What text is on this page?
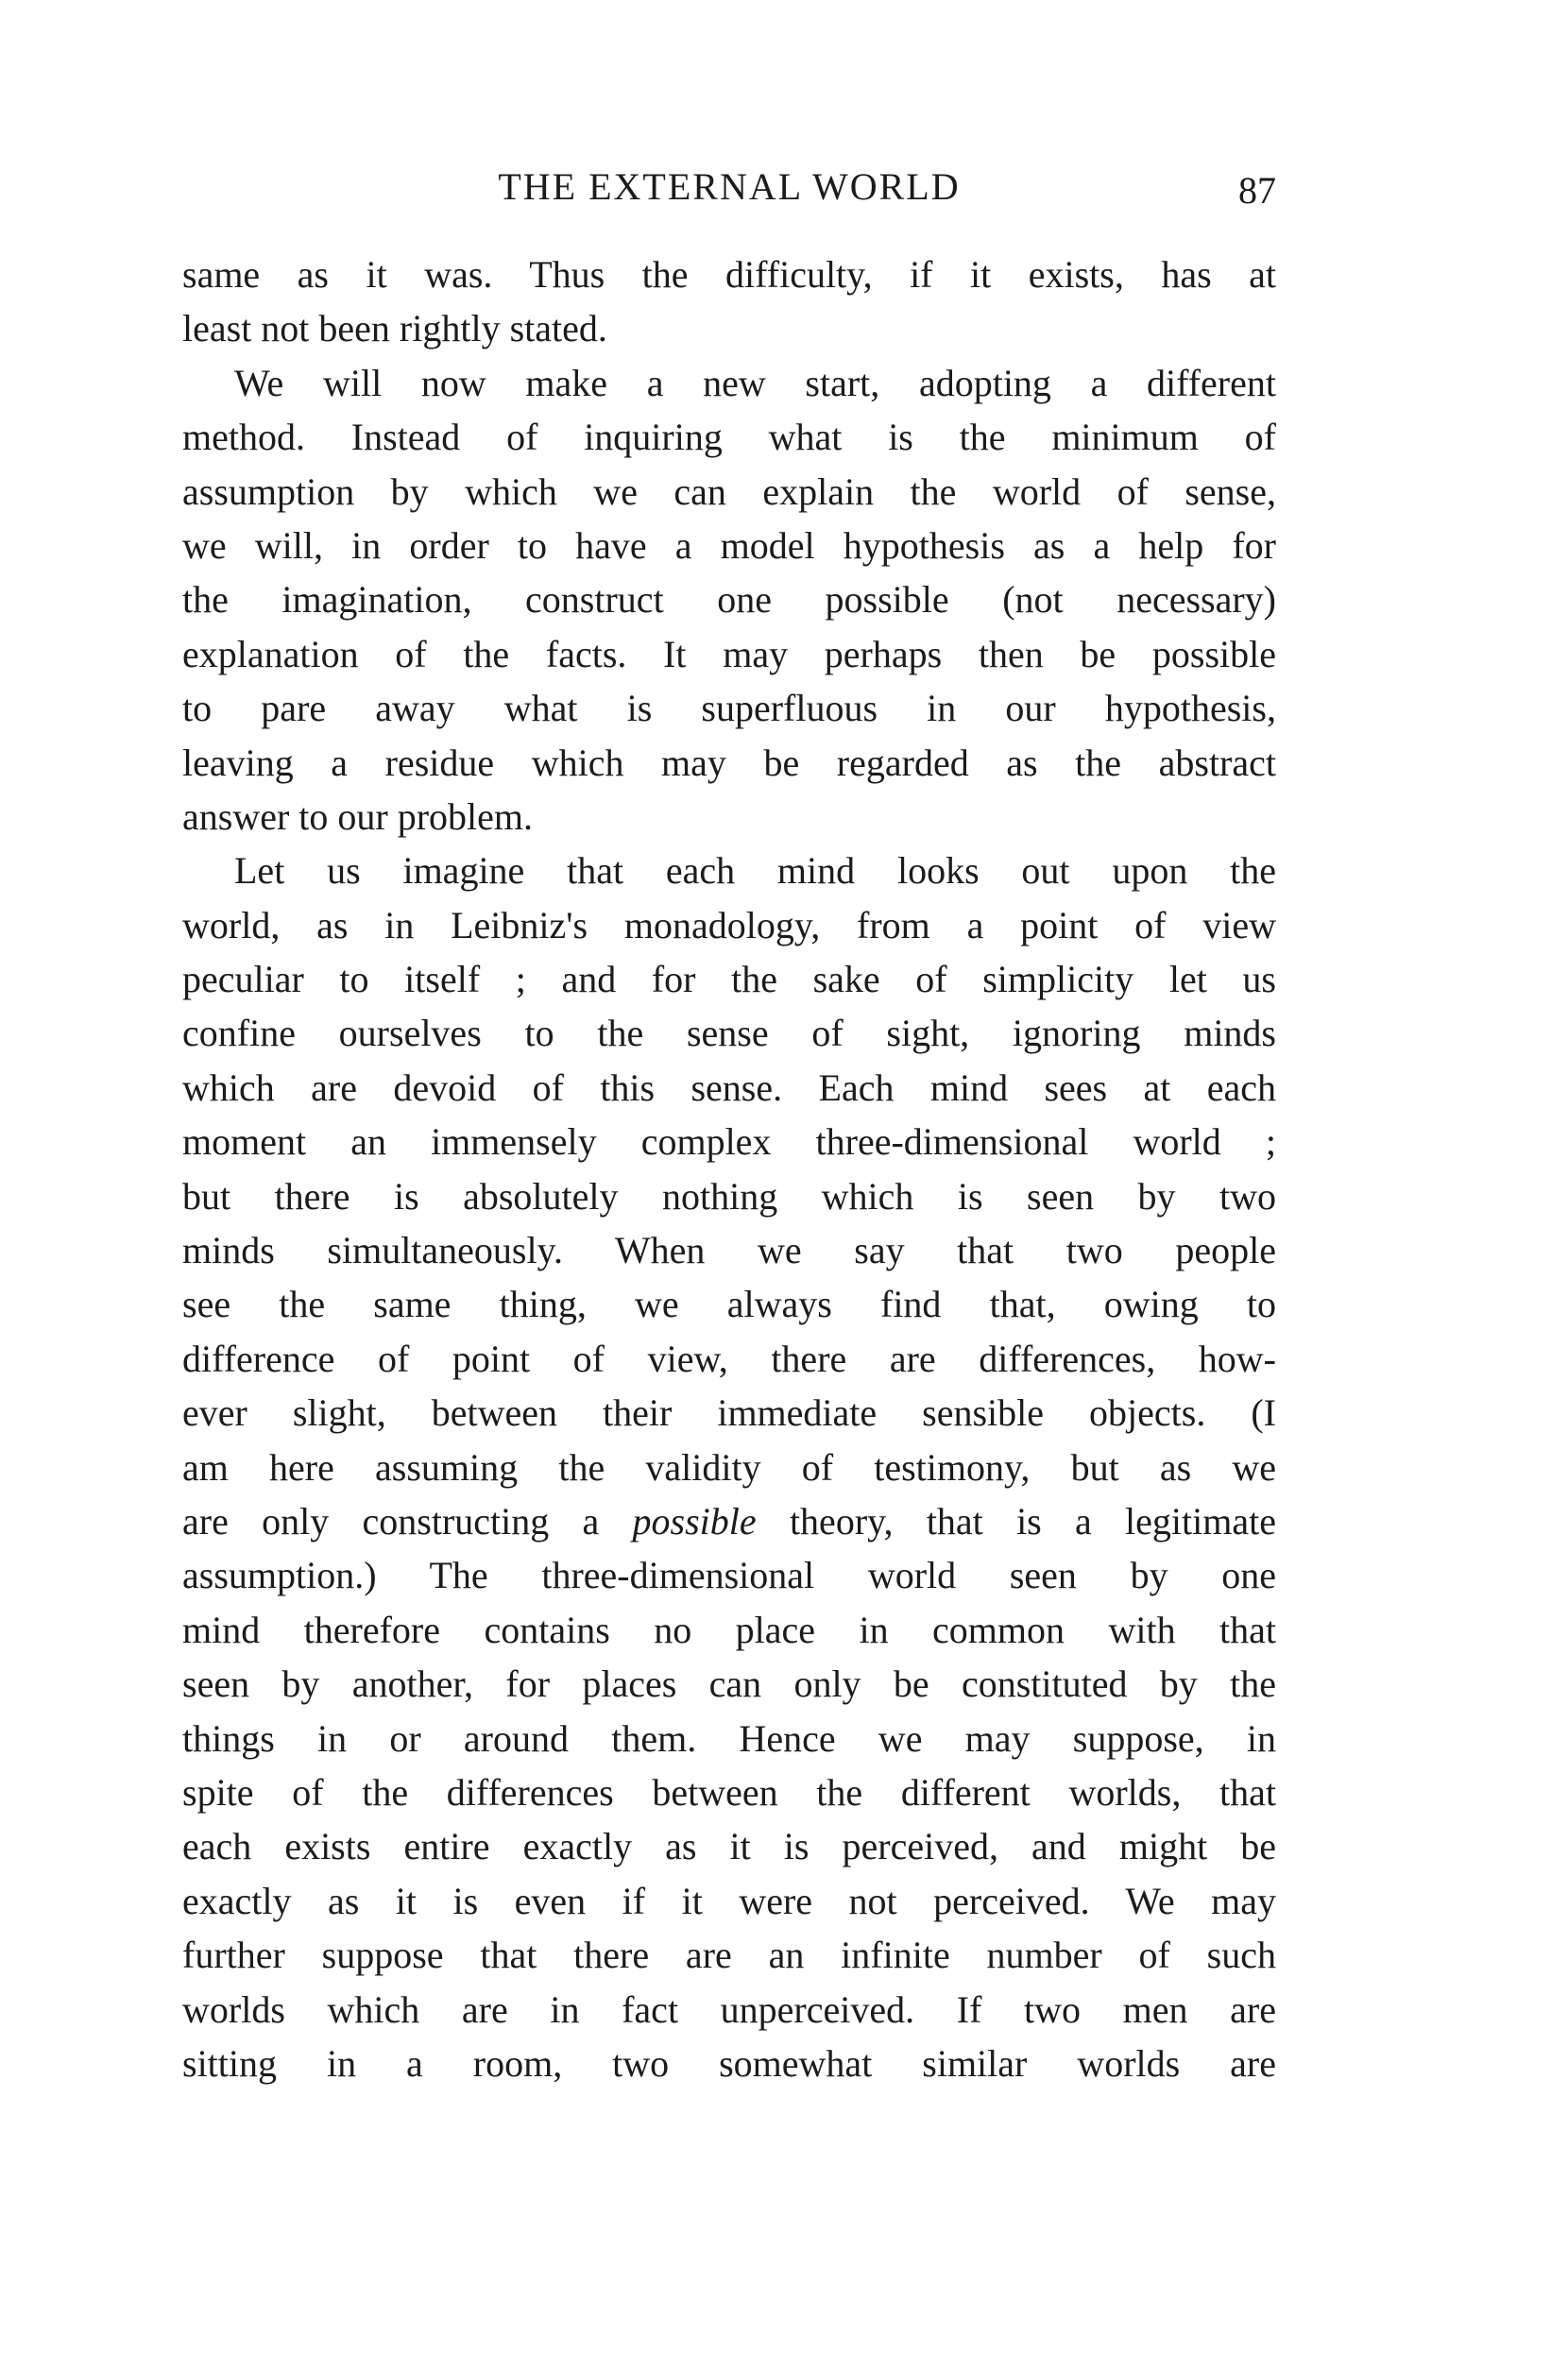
THE EXTERNAL WORLD	87
same as it was. Thus the difficulty, if it exists, has at
least not been rightly stated.
We will now make a new start, adopting a different
method. Instead of inquiring what is the minimum of
assumption by which we can explain the world of sense,
we will, in order to have a model hypothesis as a help for
the imagination, construct one possible (not necessary)
explanation of the facts. It may perhaps then be possible
to pare away what is superfluous in our hypothesis,
leaving a residue which may be regarded as the abstract
answer to our problem.
Let us imagine that each mind looks out upon the
world, as in Leibniz's monadology, from a point of view
peculiar to itself ; and for the sake of simplicity let us
confine ourselves to the sense of sight, ignoring minds
which are devoid of this sense. Each mind sees at each
moment an immensely complex three-dimensional world ;
but there is absolutely nothing which is seen by two
minds simultaneously. When we say that two people
see the same thing, we always find that, owing to
difference of point of view, there are differences, how-
ever slight, between their immediate sensible objects. (I
am here assuming the validity of testimony, but as we
are only constructing a possible theory, that is a legitimate
assumption.) The three-dimensional world seen by one
mind therefore contains no place in common with that
seen by another, for places can only be constituted by the
things in or around them. Hence we may suppose, in
spite of the differences between the different worlds, that
each exists entire exactly as it is perceived, and might be
exactly as it is even if it were not perceived. We may
further suppose that there are an infinite number of such
worlds which are in fact unperceived. If two men are
sitting in a room, two somewhat similar worlds are
